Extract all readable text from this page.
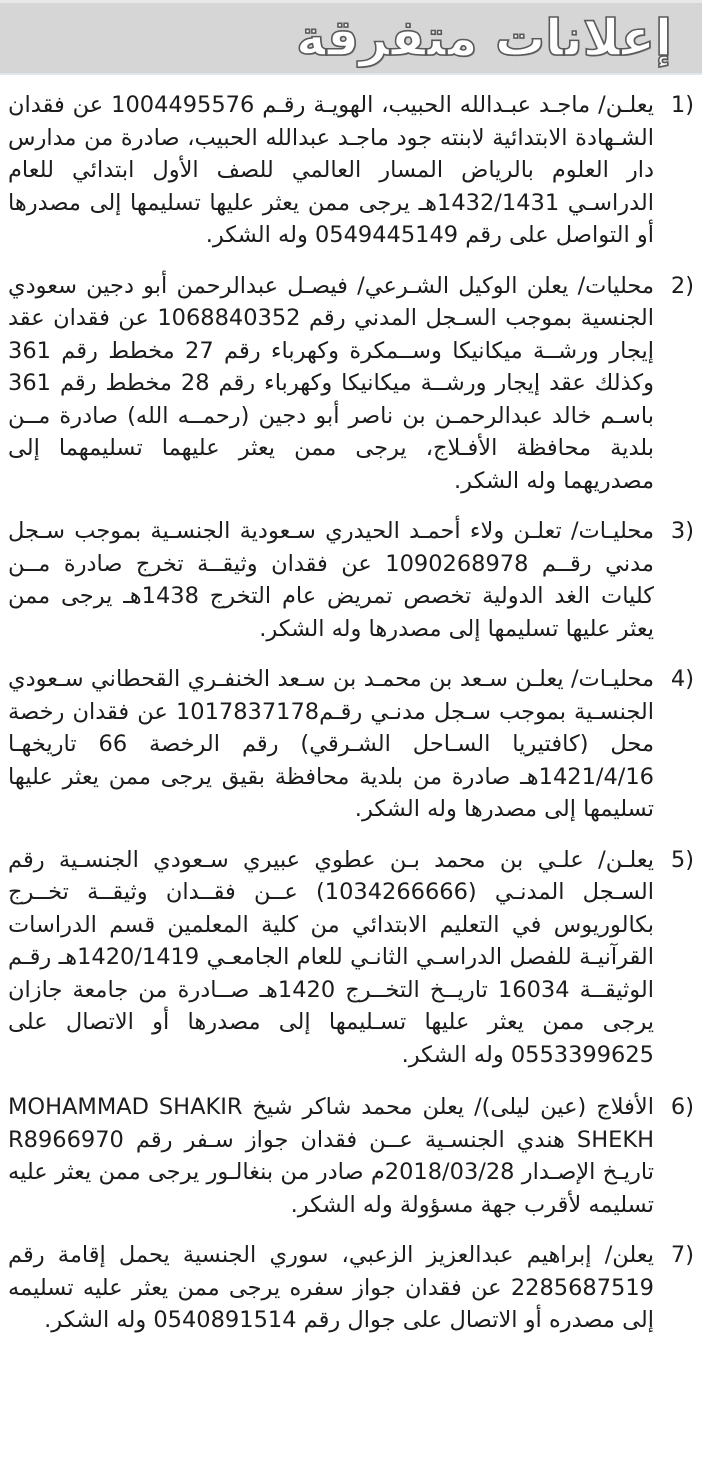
إعلانات متفرقة
1)
يعلـن/ ماجـد عبـدالله الحبيب، الهويـة رقـم 1004495576 عن فقدان الشـهادة الابتدائية لابنته جود ماجـد عبدالله الحبيب، صادرة من مدارس دار العلوم بالرياض المسار العالمي للصف الأول ابتدائي للعام الدراسـي 1432/1431هـ يرجى ممن يعثر عليها تسليمها إلى مصدرها أو التواصل على رقم 0549445149 وله الشكر.
2)
محليات/ يعلن الوكيل الشـرعي/ فيصـل عبدالرحمن أبو دجين سعودي الجنسية بموجب السـجل المدني رقم 1068840352 عن فقدان عقد إيجار ورشــة ميكانيكا وســمكرة وكهرباء رقم 27 مخطط رقم 361 وكذلك عقد إيجار ورشــة ميكانيكا وكهرباء رقم 28 مخطط رقم 361 باسـم خالد عبدالرحمـن بن ناصر أبو دجين (رحمــه الله) صادرة مــن بلدية محافظة الأفـلاج، يرجى ممن يعثر عليهما تسليمهما إلى مصدريهما وله الشكر.
3)
محليـات/ تعلـن ولاء أحمـد الحيدري سـعودية الجنسـية بموجب سـجل مدني رقــم 1090268978 عن فقدان وثيقــة تخرج صادرة مــن كليات الغد الدولية تخصص تمريض عام التخرج 1438هـ يرجى ممن يعثر عليها تسليمها إلى مصدرها وله الشكر.
4)
محليـات/ يعلـن سـعد بن محمـد بن سـعد الخنفـري القحطاني سـعودي الجنسـية بموجب سـجل مدنـي رقـم1017837178 عن فقدان رخصة محل (كافتيريا السـاحل الشـرقي) رقم الرخصة 66 تاريخهـا 1421/4/16هـ صادرة من بلدية محافظة بقيق يرجى ممن يعثر عليها تسليمها إلى مصدرها وله الشكر.
5)
يعلـن/ علـي بن محمد بـن عطوي عبيري سـعودي الجنسـية رقم السـجل المدنـي (1034266666) عــن فقــدان وثيقــة تخــرج بكالوريوس في التعليم الابتدائي من كلية المعلمين قسم الدراسات القرآنيـة للفصل الدراسـي الثانـي للعام الجامعـي 1420/1419هـ رقـم الوثيقــة 16034 تاريــخ التخــرج 1420هـ صــادرة من جامعة جازان يرجى ممن يعثر عليها تسـليمها إلى مصدرها أو الاتصال على 0553399625 وله الشكر.
6)
الأفلاج (عين ليلى)/ يعلن محمد شاكر شيخ MOHAMMAD SHAKIR SHEKH هندي الجنسـية عــن فقدان جواز سـفر رقم R8966970 تاريـخ الإصـدار 2018/03/28م صادر من بنغالـور يرجى ممن يعثر عليه تسليمه لأقرب جهة مسؤولة وله الشكر.
7)
يعلن/ إبراهيم عبدالعزيز الزعبي، سوري الجنسية يحمل إقامة رقم 2285687519 عن فقدان جواز سفره يرجى ممن يعثر عليه تسليمه إلى مصدره أو الاتصال على جوال رقم 0540891514 وله الشكر.
